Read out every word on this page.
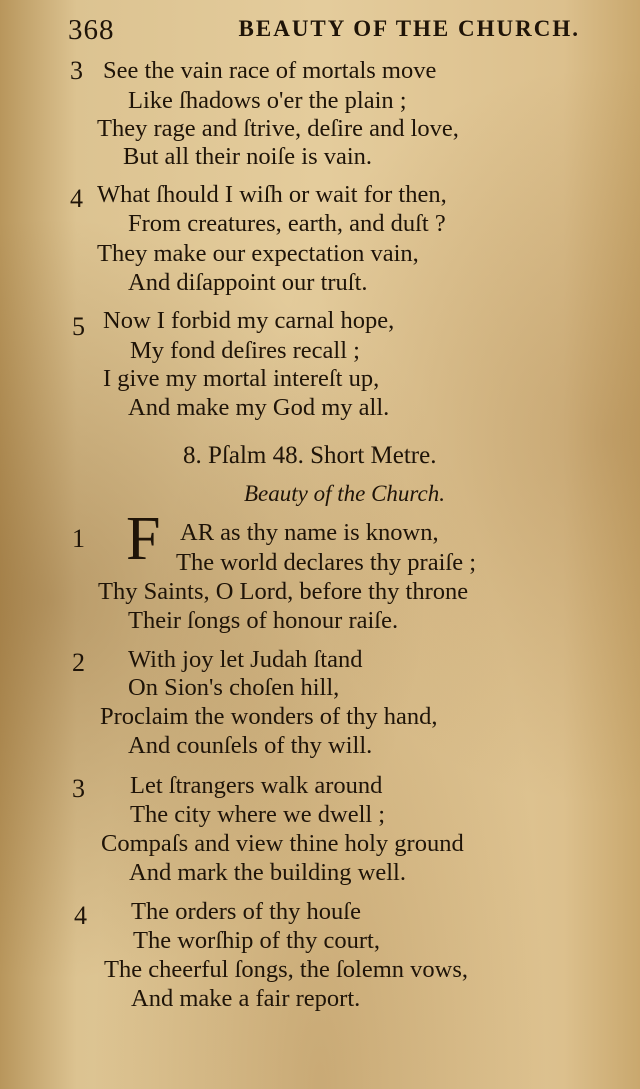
368	BEAUTY OF THE CHURCH.
3 See the vain race of mortals move
Like ſhadows o'er the plain ;
They rage and ſtrive, deſire and love,
But all their noiſe is vain.
4 What ſhould I wiſh or wait for then,
From creatures, earth, and duſt ?
They make our expectation vain,
And diſappoint our truſt.
5 Now I forbid my carnal hope,
My fond deſires recall ;
I give my mortal intereſt up,
And make my God my all.
8. Pſalm 48. Short Metre.
Beauty of the Church.
1 F AR as thy name is known,
The world declares thy praiſe ;
Thy Saints, O Lord, before thy throne
Their ſongs of honour raiſe.
2 With joy let Judah ſtand
On Sion's choſen hill,
Proclaim the wonders of thy hand,
And counſels of thy will.
3 Let ſtrangers walk around
The city where we dwell ;
Compaſs and view thine holy ground
And mark the building well.
4 The orders of thy houſe
The worſhip of thy court,
The cheerful ſongs, the ſolemn vows,
And make a fair report.
